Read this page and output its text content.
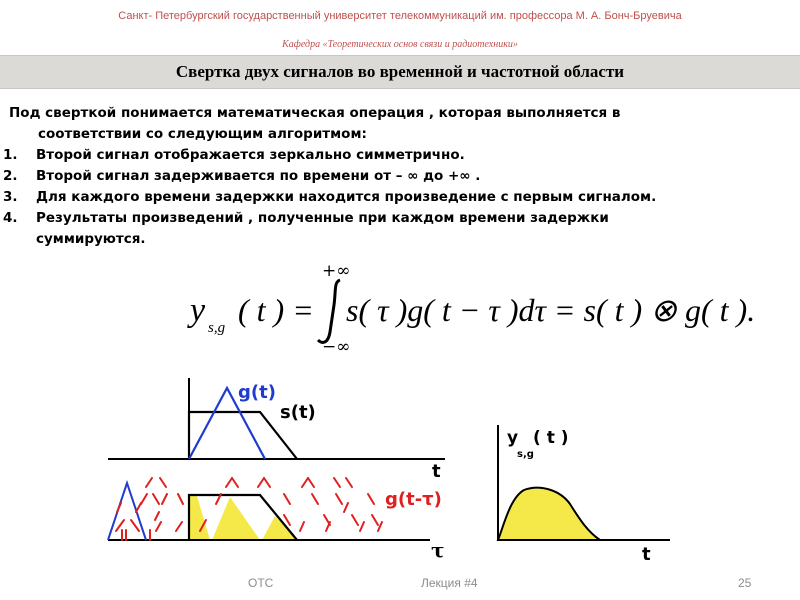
Санкт- Петербургский государственный университет телекоммуникаций им. профессора М. А. Бонч-Бруевича
Кафедра «Теоретических основ связи и радиотехники»
Свертка двух сигналов во временной и частотной области
Под сверткой понимается математическая операция , которая выполняется в
соответствии со следующим алгоритмом:
1. Второй сигнал отображается зеркально симметрично.
2. Второй сигнал задерживается по времени от – ∞ до +∞ .
3. Для каждого времени задержки находится произведение с первым сигналом.
4. Результаты произведений , полученные при каждом времени задержки
суммируются.
+∞
−∞
y s,g ( t ) = s( τ )g( t − τ )dτ = s( t ) ⊗ g( t ).
g(t)
s(t)
t
g(t-τ)
τ
y
s,g
( t )
t
ОТС	Лекция #4	25
